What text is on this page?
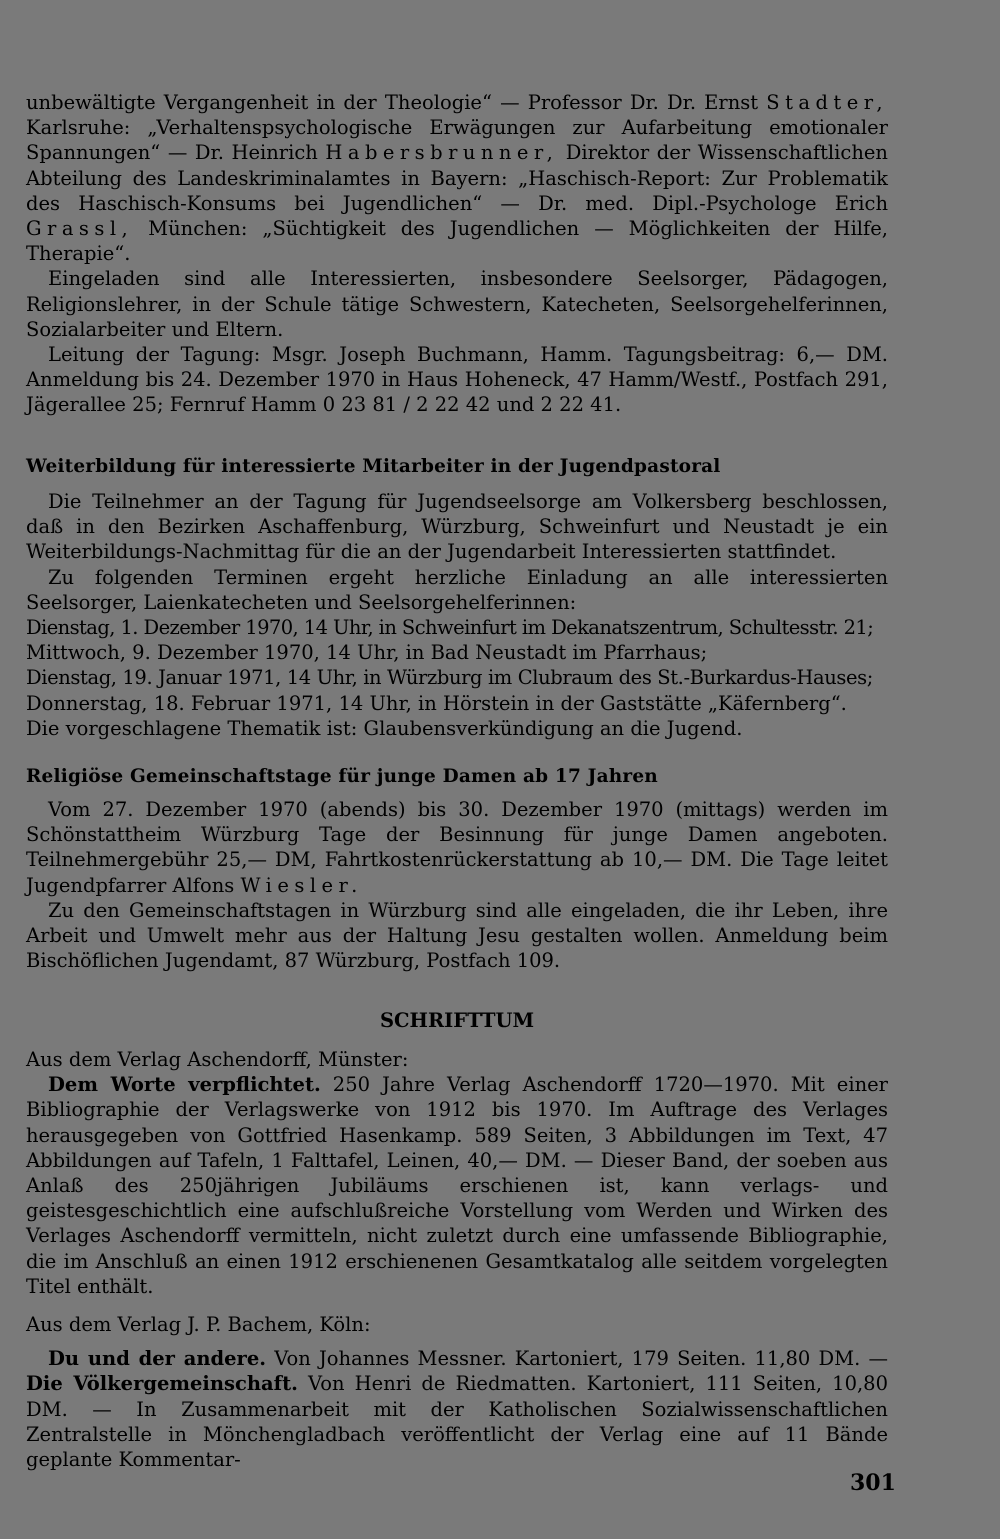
unbewältigte Vergangenheit in der Theologie“ — Professor Dr. Dr. Ernst Stadter, Karlsruhe: „Verhaltenspsychologische Erwägungen zur Aufarbeitung emotionaler Spannungen“ — Dr. Heinrich Habersbrunner, Direktor der Wissenschaftlichen Abteilung des Landeskriminalamtes in Bayern: „Haschisch-Report: Zur Problematik des Haschisch-Konsums bei Jugendlichen“ — Dr. med. Dipl.-Psychologe Erich Grassl, München: „Süchtigkeit des Jugendlichen — Möglichkeiten der Hilfe, Therapie“.

Eingeladen sind alle Interessierten, insbesondere Seelsorger, Pädagogen, Religionslehrer, in der Schule tätige Schwestern, Katecheten, Seelsorgehelferinnen, Sozialarbeiter und Eltern.

Leitung der Tagung: Msgr. Joseph Buchmann, Hamm. Tagungsbeitrag: 6,— DM. Anmeldung bis 24. Dezember 1970 in Haus Hoheneck, 47 Hamm/Westf., Postfach 291, Jägerallee 25; Fernruf Hamm 0 23 81 / 2 22 42 und 2 22 41.

Weiterbildung für interessierte Mitarbeiter in der Jugendpastoral

Die Teilnehmer an der Tagung für Jugendseelsorge am Volkersberg beschlossen, daß in den Bezirken Aschaffenburg, Würzburg, Schweinfurt und Neustadt je ein Weiterbildungs-Nachmittag für die an der Jugendarbeit Interessierten stattfindet.

Zu folgenden Terminen ergeht herzliche Einladung an alle interessierten Seelsorger, Laienkatecheten und Seelsorgehelferinnen:

Dienstag, 1. Dezember 1970, 14 Uhr, in Schweinfurt im Dekanatszentrum, Schultesstr. 21;

Mittwoch, 9. Dezember 1970, 14 Uhr, in Bad Neustadt im Pfarrhaus;

Dienstag, 19. Januar 1971, 14 Uhr, in Würzburg im Clubraum des St.-Burkardus-Hauses;

Donnerstag, 18. Februar 1971, 14 Uhr, in Hörstein in der Gaststätte „Käfernberg“.

Die vorgeschlagene Thematik ist: Glaubensverkündigung an die Jugend.

Religiöse Gemeinschaftstage für junge Damen ab 17 Jahren

Vom 27. Dezember 1970 (abends) bis 30. Dezember 1970 (mittags) werden im Schönstattheim Würzburg Tage der Besinnung für junge Damen angeboten. Teilnehmergebühr 25,— DM, Fahrtkostenrückerstattung ab 10,— DM. Die Tage leitet Jugendpfarrer Alfons Wiesler.

Zu den Gemeinschaftstagen in Würzburg sind alle eingeladen, die ihr Leben, ihre Arbeit und Umwelt mehr aus der Haltung Jesu gestalten wollen. Anmeldung beim Bischöflichen Jugendamt, 87 Würzburg, Postfach 109.

SCHRIFTTUM

Aus dem Verlag Aschendorff, Münster:

Dem Worte verpflichtet. 250 Jahre Verlag Aschendorff 1720—1970. Mit einer Bibliographie der Verlagswerke von 1912 bis 1970. Im Auftrage des Verlages herausgegeben von Gottfried Hasenkamp. 589 Seiten, 3 Abbildungen im Text, 47 Abbildungen auf Tafeln, 1 Falttafel, Leinen, 40,— DM. — Dieser Band, der soeben aus Anlaß des 250jährigen Jubiläums erschienen ist, kann verlags- und geistesgeschichtlich eine aufschlußreiche Vorstellung vom Werden und Wirken des Verlages Aschendorff vermitteln, nicht zuletzt durch eine umfassende Bibliographie, die im Anschluß an einen 1912 erschienenen Gesamtkatalog alle seitdem vorgelegten Titel enthält.

Aus dem Verlag J. P. Bachem, Köln:

Du und der andere. Von Johannes Messner. Kartoniert, 179 Seiten. 11,80 DM. — Die Völkergemeinschaft. Von Henri de Riedmatten. Kartoniert, 111 Seiten, 10,80 DM. — In Zusammenarbeit mit der Katholischen Sozialwissenschaftlichen Zentralstelle in Mönchengladbach veröffentlicht der Verlag eine auf 11 Bände geplante Kommentar-

301
